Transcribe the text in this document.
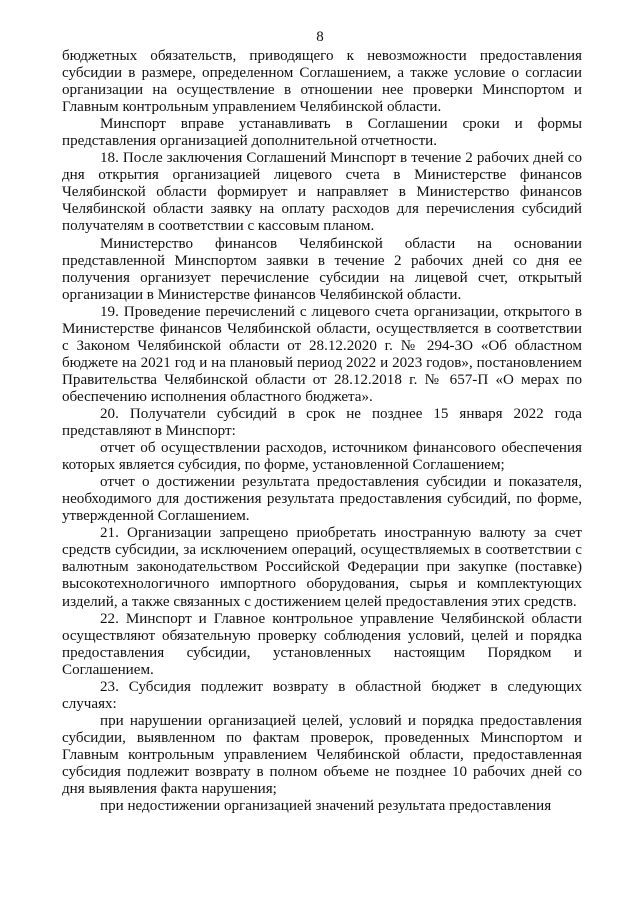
8

бюджетных обязательств, приводящего к невозможности предоставления субсидии в размере, определенном Соглашением, а также условие о согласии организации на осуществление в отношении нее проверки Минспортом и Главным контрольным управлением Челябинской области.

Минспорт вправе устанавливать в Соглашении сроки и формы представления организацией дополнительной отчетности.

18. После заключения Соглашений Минспорт в течение 2 рабочих дней со дня открытия организацией лицевого счета в Министерстве финансов Челябинской области формирует и направляет в Министерство финансов Челябинской области заявку на оплату расходов для перечисления субсидий получателям в соответствии с кассовым планом.

Министерство финансов Челябинской области на основании представленной Минспортом заявки в течение 2 рабочих дней со дня ее получения организует перечисление субсидии на лицевой счет, открытый организации в Министерстве финансов Челябинской области.

19. Проведение перечислений с лицевого счета организации, открытого в Министерстве финансов Челябинской области, осуществляется в соответствии с Законом Челябинской области от 28.12.2020 г. № 294-ЗО «Об областном бюджете на 2021 год и на плановый период 2022 и 2023 годов», постановлением Правительства Челябинской области от 28.12.2018 г. № 657-П «О мерах по обеспечению исполнения областного бюджета».

20. Получатели субсидий в срок не позднее 15 января 2022 года представляют в Минспорт:

отчет об осуществлении расходов, источником финансового обеспечения которых является субсидия, по форме, установленной Соглашением;

отчет о достижении результата предоставления субсидии и показателя, необходимого для достижения результата предоставления субсидий, по форме, утвержденной Соглашением.

21. Организации запрещено приобретать иностранную валюту за счет средств субсидии, за исключением операций, осуществляемых в соответствии с валютным законодательством Российской Федерации при закупке (поставке) высокотехнологичного импортного оборудования, сырья и комплектующих изделий, а также связанных с достижением целей предоставления этих средств.

22. Минспорт и Главное контрольное управление Челябинской области осуществляют обязательную проверку соблюдения условий, целей и порядка предоставления субсидии, установленных настоящим Порядком и Соглашением.

23. Субсидия подлежит возврату в областной бюджет в следующих случаях:

при нарушении организацией целей, условий и порядка предоставления субсидии, выявленном по фактам проверок, проведенных Минспортом и Главным контрольным управлением Челябинской области, предоставленная субсидия подлежит возврату в полном объеме не позднее 10 рабочих дней со дня выявления факта нарушения;

при недостижении организацией значений результата предоставления
